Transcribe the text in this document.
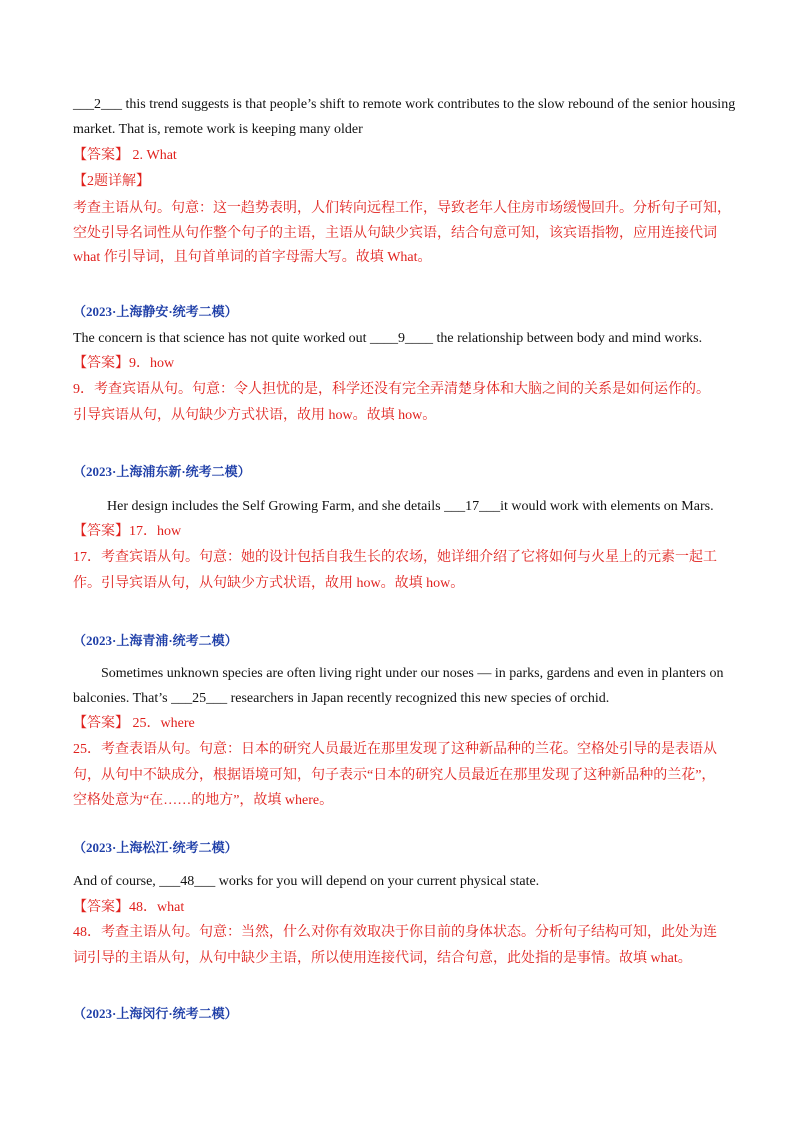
___2___ this trend suggests is that people’s shift to remote work contributes to the slow rebound of the senior housing
market. That is, remote work is keeping many older
【答案】 2. What
【2题详解】
考查主语从句。句意：这一趋势表明，人们转向远程工作，导致老年人住房市场缓慢回升。分析句子可知，
空处引导名词性从句作整个句子的主语，主语从句缺少宾语，结合句意可知，该宾语指物，应用连接代词
what 作引导词，且句首单词的首字母需大写。故填 What。
（2023·上海静安·统考二模）
The concern is that science has not quite worked out ____9____ the relationship between body and mind works.
【答案】9．how
9．考查宾语从句。句意：令人担忧的是，科学还没有完全弄清楚身体和大脑之间的关系是如何运作的。
引导宾语从句，从句缺少方式状语，故用 how。故填 how。
（2023·上海浦东新·统考二模）
Her design includes the Self Growing Farm, and she details ___17___it would work with elements on Mars.
【答案】17．how
17．考查宾语从句。句意：她的设计包括自我生长的农场，她详细介绍了它将如何与火星上的元素一起工
作。引导宾语从句，从句缺少方式状语，故用 how。故填 how。
（2023·上海青浦·统考二模）
Sometimes unknown species are often living right under our noses — in parks, gardens and even in planters on
balconies. That’s ___25___ researchers in Japan recently recognized this new species of orchid.
【答案】 25．where
25．考查表语从句。句意：日本的研究人员最近在那里发现了这种新品种的兰花。空格处引导的是表语从
句，从句中不缺成分，根据语境可知，句子表示“日本的研究人员最近在那里发现了这种新品种的兰花”，
空格处意为“在……的地方”，故填 where。
（2023·上海松江·统考二模）
And of course, ___48___ works for you will depend on your current physical state.
【答案】48．what
48．考查主语从句。句意：当然，什么对你有效取决于你目前的身体状态。分析句子结构可知，此处为连
词引导的主语从句，从句中缺少主语，所以使用连接代词，结合句意，此处指的是事情。故填 what。
（2023·上海闵行·统考二模）
